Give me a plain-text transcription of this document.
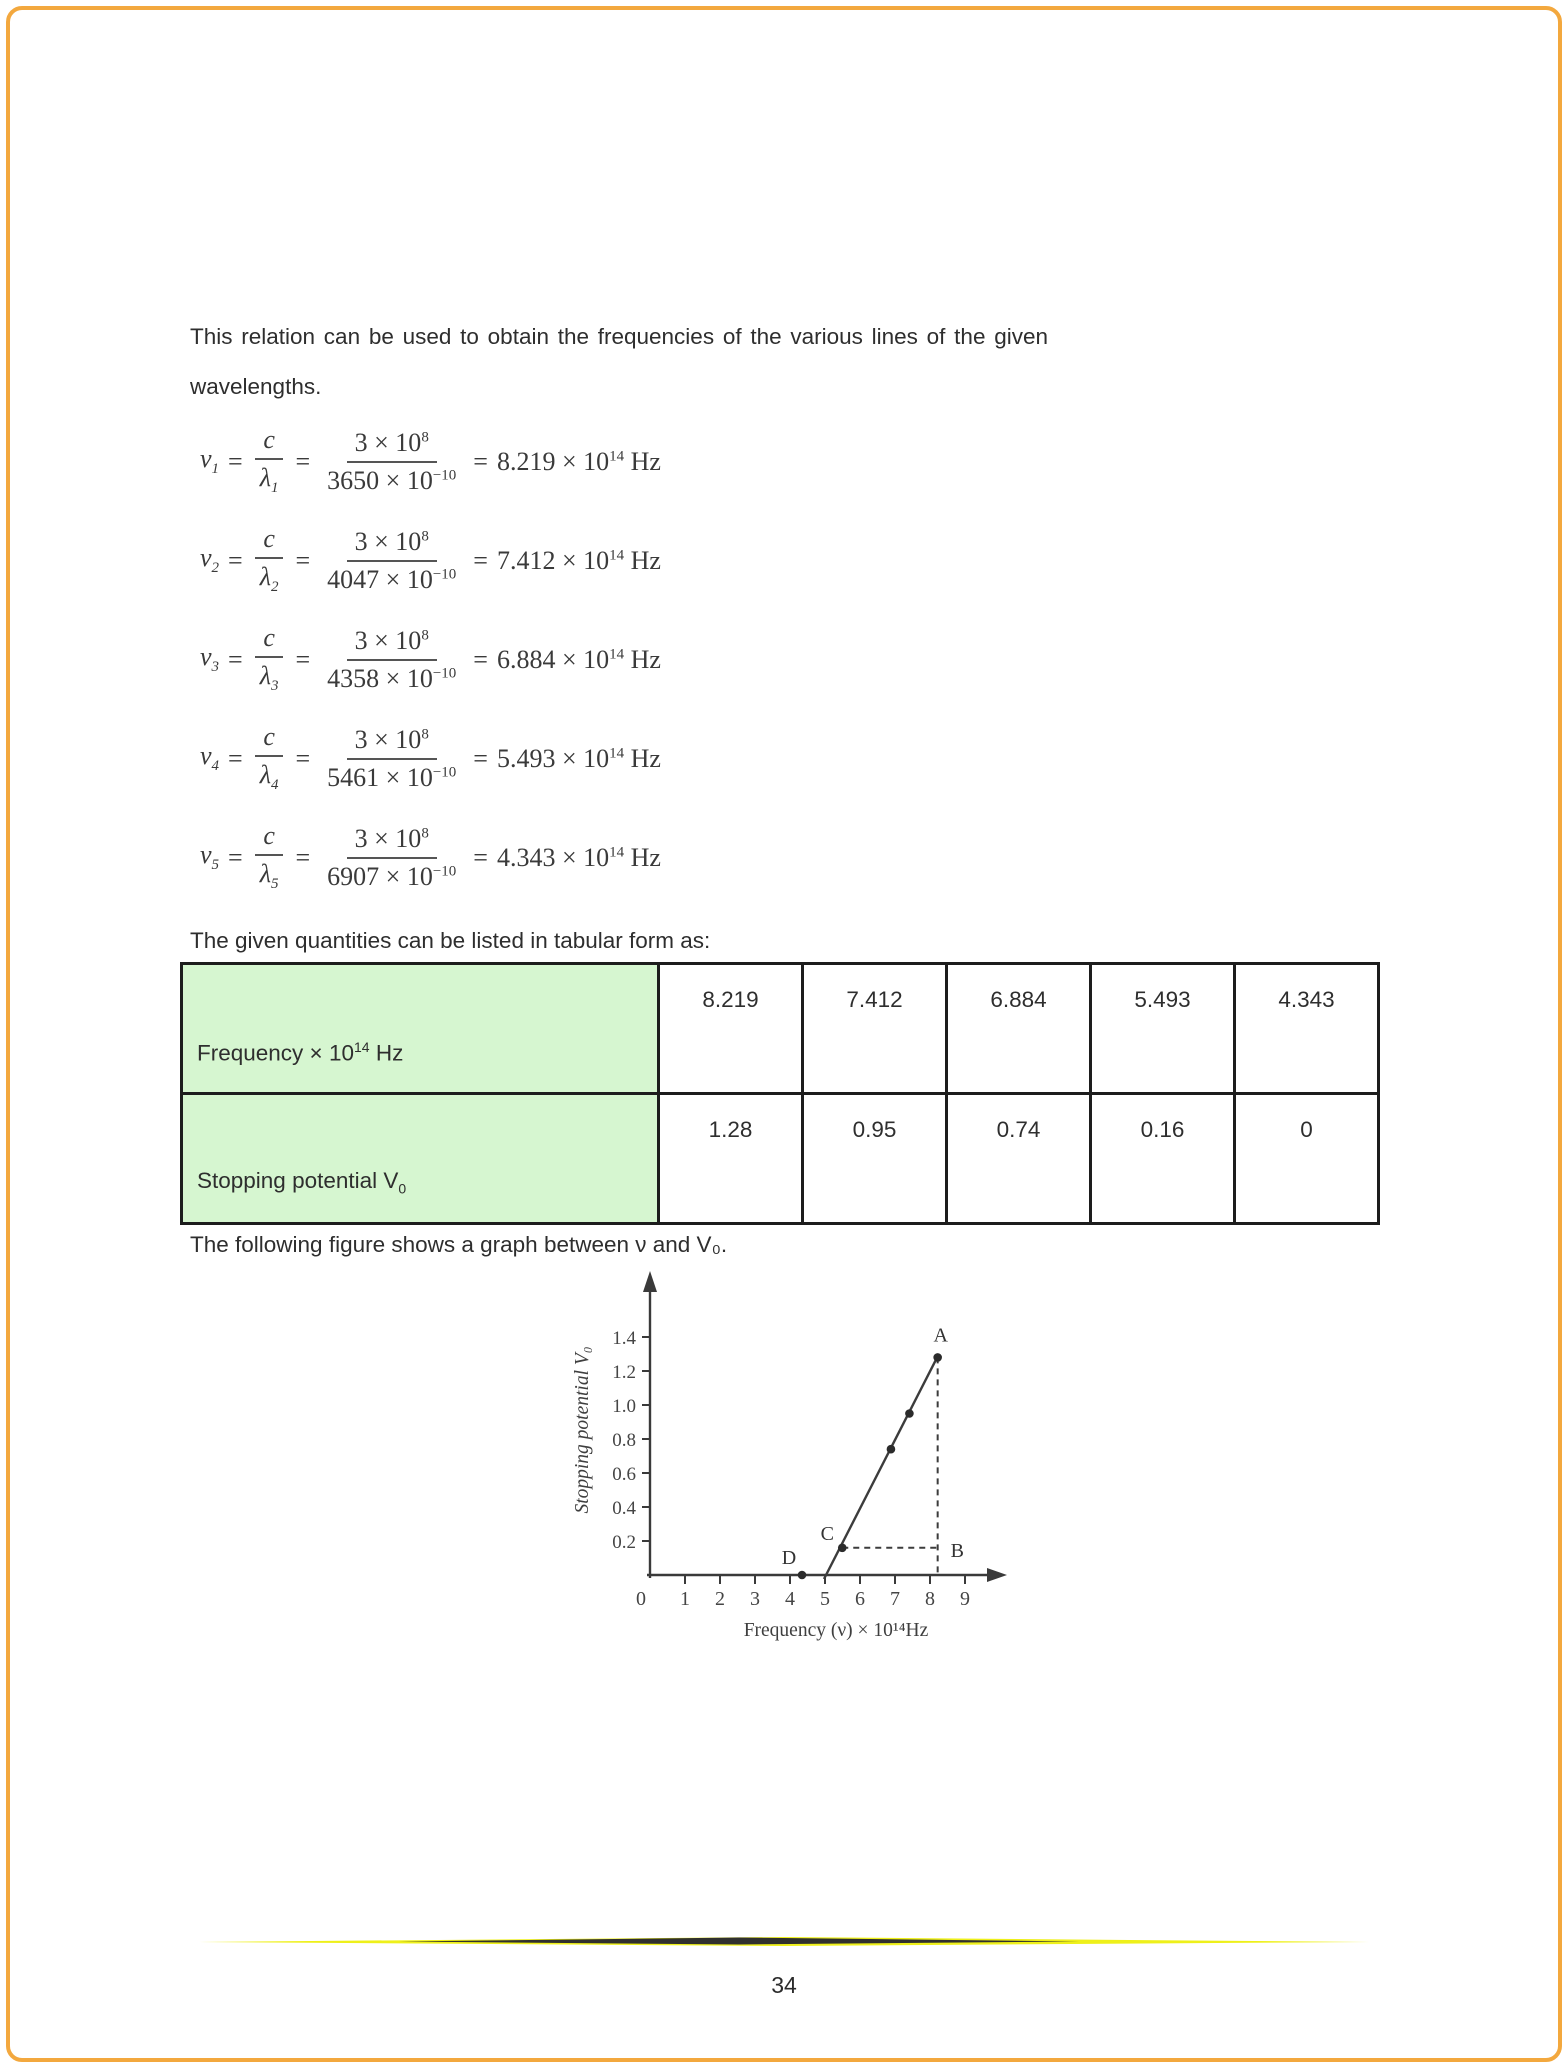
This relation can be used to obtain the frequencies of the various lines of the given
wavelengths.
$\nu_1 = \frac{c}{\lambda_1} = \frac{3 \times 10^8}{3650 \times 10^{-10}} = 8.219 \times 10^{14}$ Hz
$\nu_2 = \frac{c}{\lambda_2} = \frac{3 \times 10^8}{4047 \times 10^{-10}} = 7.412 \times 10^{14}$ Hz
$\nu_3 = \frac{c}{\lambda_3} = \frac{3 \times 10^8}{4358 \times 10^{-10}} = 6.884 \times 10^{14}$ Hz
$\nu_4 = \frac{c}{\lambda_4} = \frac{3 \times 10^8}{5461 \times 10^{-10}} = 5.493 \times 10^{14}$ Hz
$\nu_5 = \frac{c}{\lambda_5} = \frac{3 \times 10^8}{6907 \times 10^{-10}} = 4.343 \times 10^{14}$ Hz
The given quantities can be listed in tabular form as:
Frequency × $10^{14}$ Hz	8.219	7.412	6.884	5.493	4.343
Stopping potential $V_0$	1.28	0.95	0.74	0.16	0
The following figure shows a graph between ν and V₀.
0.2
0.4
0.6
0.8
1.0
1.2
1.4
0 1 2 3 4 5 6 7 8 9
Frequency (ν) × 10¹⁴Hz
Stopping potential V₀
B
D
C
A
34
